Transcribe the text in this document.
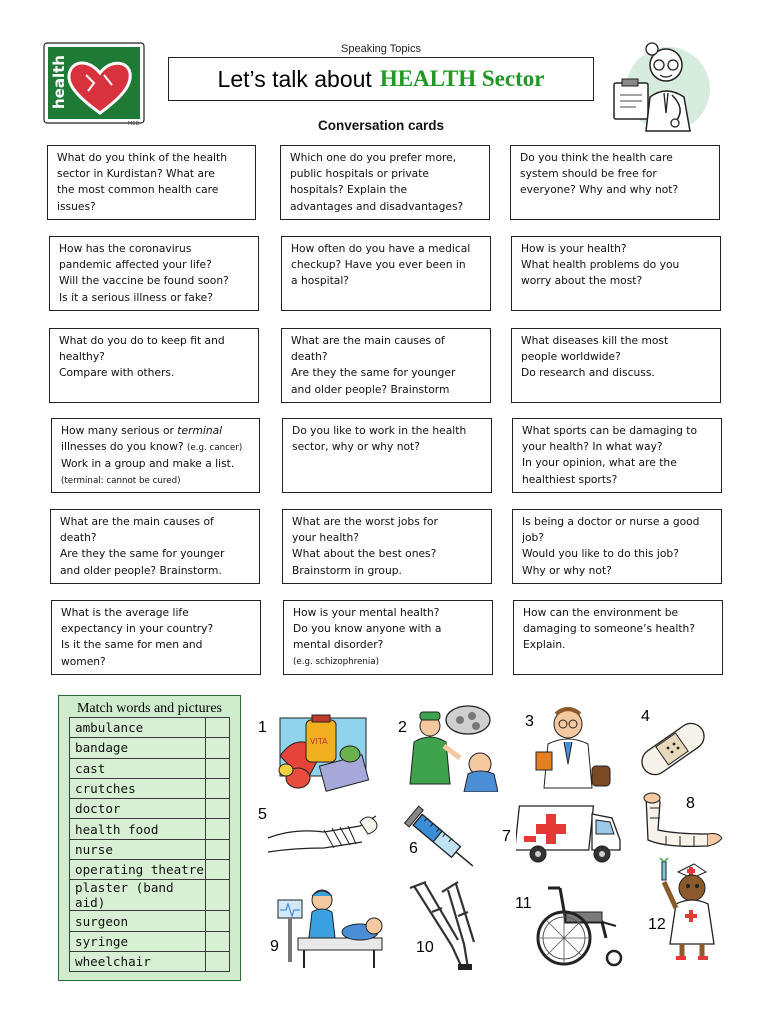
health
MEB
Speaking Topics
Let’s talk about HEALTH Sector
Conversation cards
What do you think of the health
sector in Kurdistan? What are
the most common health care
issues?
Which one do you prefer more,
public hospitals or private
hospitals? Explain the
advantages and disadvantages?
Do you think the health care
system should be free for
everyone? Why and why not?
How has the coronavirus
pandemic affected your life?
Will the vaccine be found soon?
Is it a serious illness or fake?
How often do you have a medical
checkup? Have you ever been in
a hospital?
How is your health?
What health problems do you
worry about the most?
What do you do to keep fit and
healthy?
Compare with others.
What are the main causes of
death?
Are they the same for younger
and older people? Brainstorm
What diseases kill the most
people worldwide?
Do research and discuss.
How many serious or terminal
illnesses do you know? (e.g. cancer)
Work in a group and make a list.
(terminal: cannot be cured)
Do you like to work in the health
sector, why or why not?
What sports can be damaging to
your health? In what way?
In your opinion, what are the
healthiest sports?
What are the main causes of
death?
Are they the same for younger
and older people? Brainstorm.
What are the worst jobs for
your health?
What about the best ones?
Brainstorm in group.
Is being a doctor or nurse a good
job?
Would you like to do this job?
Why or why not?
What is the average life
expectancy in your country?
Is it the same for men and
women?
How is your mental health?
Do you know anyone with a
mental disorder?
(e.g. schizophrenia)
How can the environment be
damaging to someone’s health?
Explain.
Match words and pictures
ambulance	
bandage	
cast	
crutches	
doctor	
health food	
nurse	
operating theatre	
plaster (band aid)	
surgeon	
syringe	
wheelchair	
1	2	3	4
5
6
7
8
9	10
11
12
VITA
